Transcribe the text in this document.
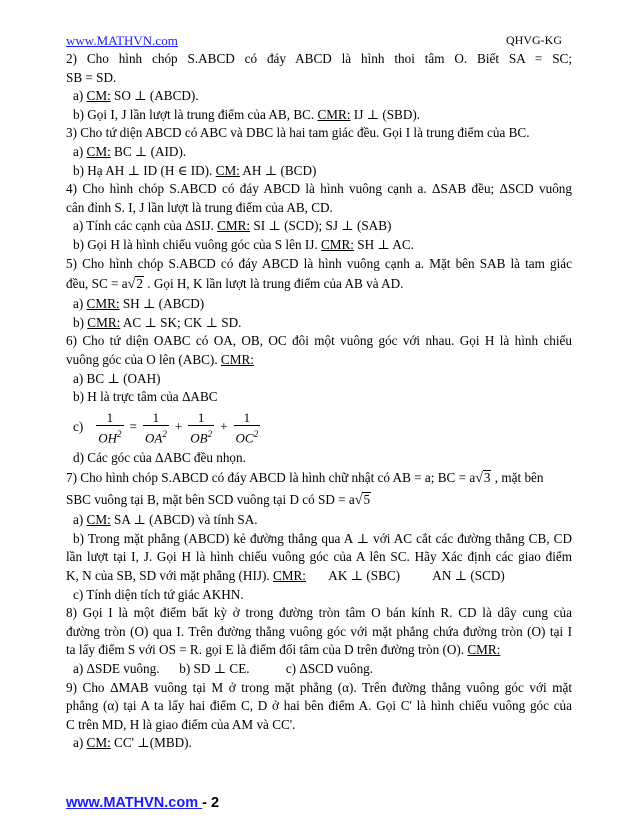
www.MATHVN.com	QHVG-KG
2) Cho hình chóp S.ABCD có đáy ABCD là hình thoi tâm O. Biết SA = SC;
SB = SD.
a) CM: SO ⊥ (ABCD).
b) Gọi I, J lần lượt là trung điểm của AB, BC. CMR: IJ ⊥ (SBD).
3) Cho tứ diện ABCD có ABC và DBC là hai tam giác đều. Gọi I là trung điểm của BC.
a) CM: BC ⊥ (AID).
b) Hạ AH ⊥ ID (H ∈ ID). CM: AH ⊥ (BCD)
4) Cho hình chóp S.ABCD có đáy ABCD là hình vuông cạnh a. ΔSAB đều; ΔSCD vuông
cân đỉnh S. I, J lần lượt là trung điểm của AB, CD.
a) Tính các cạnh của ΔSIJ. CMR: SI ⊥ (SCD); SJ ⊥ (SAB)
b) Gọi H là hình chiếu vuông góc của S lên IJ. CMR: SH ⊥ AC.
5) Cho hình chóp S.ABCD có đáy ABCD là hình vuông cạnh a. Mặt bên SAB là tam giác
đều, SC = a√2 . Gọi H, K lần lượt là trung điểm của AB và AD.
a) CMR: SH ⊥ (ABCD)
b) CMR: AC ⊥ SK; CK ⊥ SD.
6) Cho tứ diện OABC có OA, OB, OC đôi một vuông góc với nhau. Gọi H là hình chiếu
vuông góc của O lên (ABC). CMR:
a) BC ⊥ (OAH)
b) H là trực tâm của ΔABC
$c) \frac{1}{OH^2} = \frac{1}{OA^2} + \frac{1}{OB^2} + \frac{1}{OC^2}$
d) Các góc của ΔABC đều nhọn.
7) Cho hình chóp S.ABCD có đáy ABCD là hình chữ nhật có AB = a; BC = a√3 , mặt bên
SBC vuông tại B, mặt bên SCD vuông tại D có SD = a√5
a) CM: SA ⊥ (ABCD) và tính SA.
b) Trong mặt phẳng (ABCD) kẻ đường thẳng qua A ⊥ với AC cắt các đường thẳng CB, CD
lần lượt tại I, J. Gọi H là hình chiếu vuông góc của A lên SC. Hãy Xác định các giao điểm
K, N của SB, SD với mặt phẳng (HIJ). CMR:       AK ⊥ (SBC)          AN ⊥ (SCD)
c) Tính diện tích tứ giác AKHN.
8) Gọi I là một điểm bất kỳ ở trong đường tròn tâm O bán kính R. CD là dây cung của
đường tròn (O) qua I. Trên đường thẳng vuông góc với mặt phẳng chứa đường tròn (O) tại I
ta lấy điểm S với OS = R. gọi E là điểm đối tâm của D trên đường tròn (O). CMR:
a) ΔSDE vuông.      b) SD ⊥ CE.           c) ΔSCD vuông.
9) Cho ΔMAB vuông tại M ở trong mặt phẳng (α). Trên đường thẳng vuông góc với mặt
phẳng (α) tại A ta lấy hai điểm C, D ở hai bên điểm A. Gọi C' là hình chiếu vuông góc của
C trên MD, H là giao điểm của AM và CC'.
a) CM: CC' ⊥(MBD).
www.MATHVN.com - 2
